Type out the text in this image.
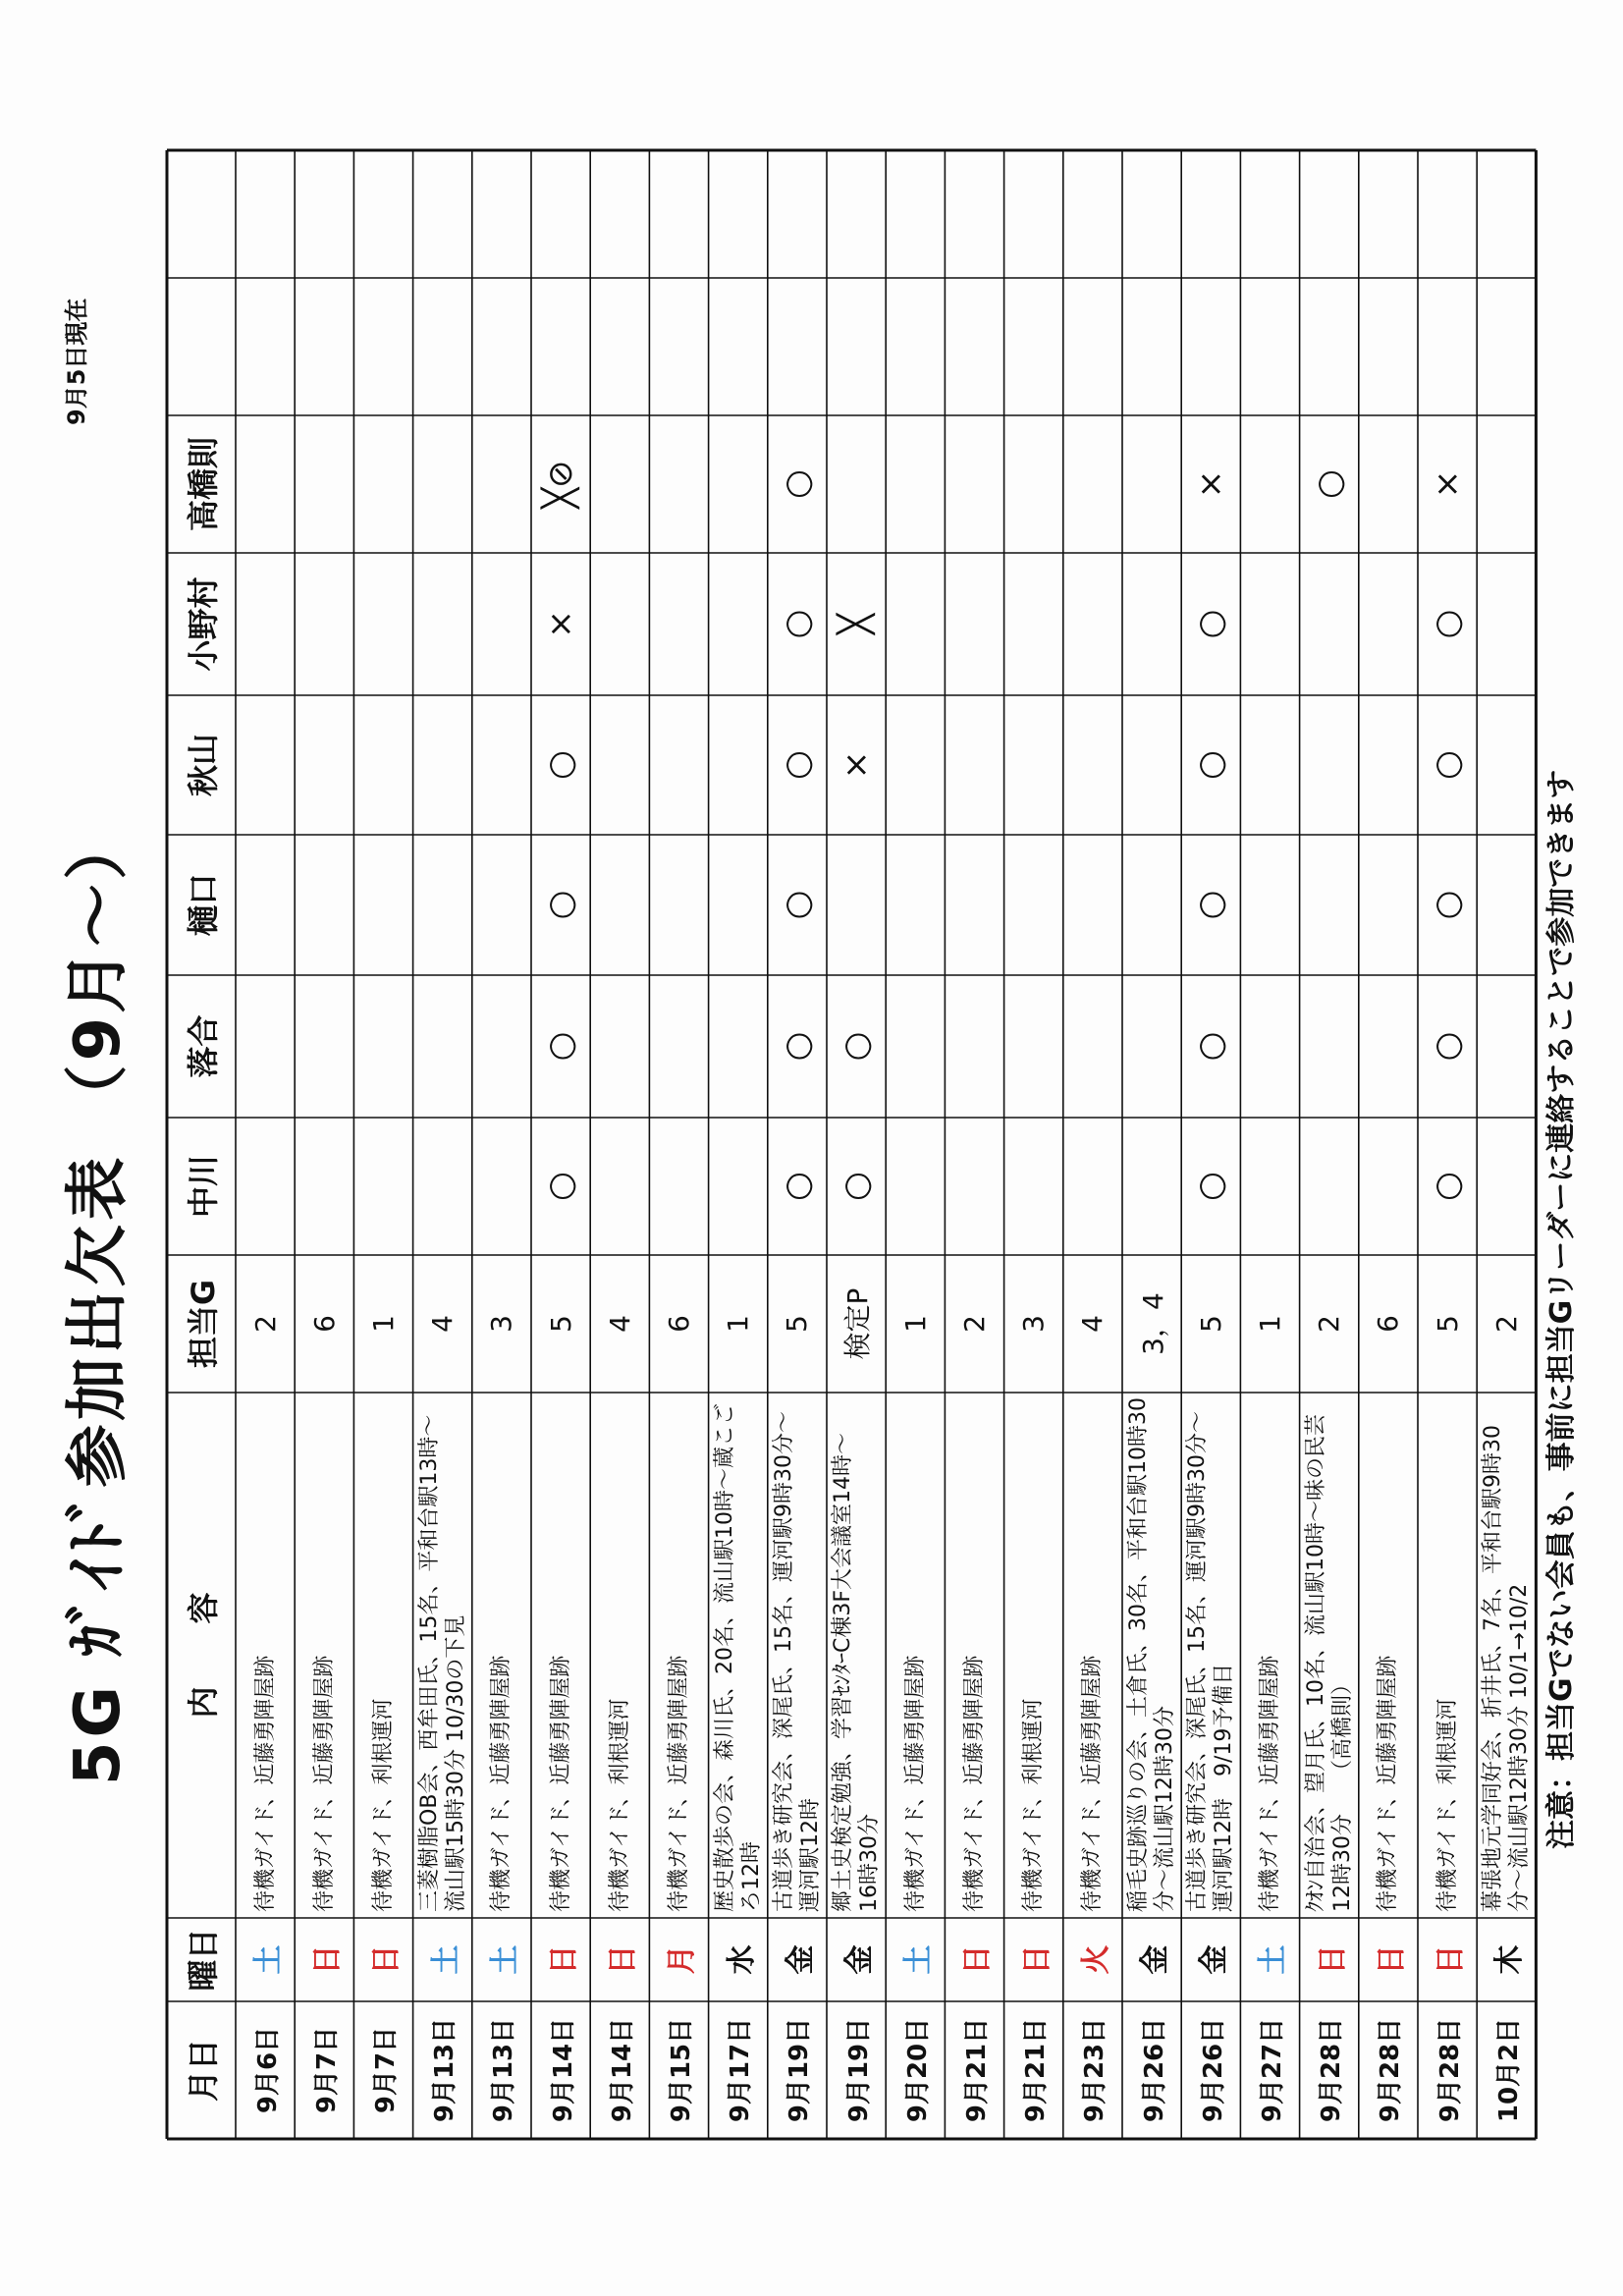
5G ｶﾞｲﾄﾞ参加出欠表 （9月～）
9月5日現在
月日
曜日
内　　容
担当G
中川
落合
樋口
秋山
小野村
高橋則
9月6日
土
待機ガイド、近藤勇陣屋跡
2
9月7日
日
待機ガイド、近藤勇陣屋跡
6
9月7日
日
待機ガイド、利根運河
1
9月13日
土
三菱樹脂OB会、西牟田氏、15名、平和台駅13時～ 流山駅15時30分 10/30の下見
4
9月13日
土
待機ガイド、近藤勇陣屋跡
3
9月14日
日
待機ガイド、近藤勇陣屋跡
5
○
○
○
○
×
╳⊘
9月14日
日
待機ガイド、利根運河
4
9月15日
月
待機ガイド、近藤勇陣屋跡
6
9月17日
水
歴史散歩の会、森川氏、20名、流山駅10時～蔵こご ろ12時
1
9月19日
金
古道歩き研究会、深尾氏、15名、運河駅9時30分～ 運河駅12時
5
○
○
○
○
○
○
9月19日
金
郷土史検定勉強、学習ｾﾝﾀｰC棟3F大会議室14時～ 16時30分
検定P
○
○
×
╳
9月20日
土
待機ガイド、近藤勇陣屋跡
1
9月21日
日
待機ガイド、近藤勇陣屋跡
2
9月21日
日
待機ガイド、利根運河
3
9月23日
火
待機ガイド、近藤勇陣屋跡
4
9月26日
金
稲毛史跡巡りの会、土倉氏、30名、平和台駅10時30 分～流山駅12時30分
3，4
9月26日
金
古道歩き研究会、深尾氏、15名、運河駅9時30分～ 運河駅12時　9/19予備日
5
○
○
○
○
○
×
9月27日
土
待機ガイド、近藤勇陣屋跡
1
9月28日
日
ｸｵﾝ自治会、望月氏、10名、流山駅10時～味の民芸 12時30分　　（高橋則）
2
○
9月28日
日
待機ガイド、近藤勇陣屋跡
6
9月28日
日
待機ガイド、利根運河
5
○
○
○
○
○
×
10月2日
木
幕張地元学同好会、折井氏、7名、平和台駅9時30 分～流山駅12時30分 10/1→10/2
2 注意：担当Gでない会員も、事前に担当Gリーダーに連絡することで参加できます
